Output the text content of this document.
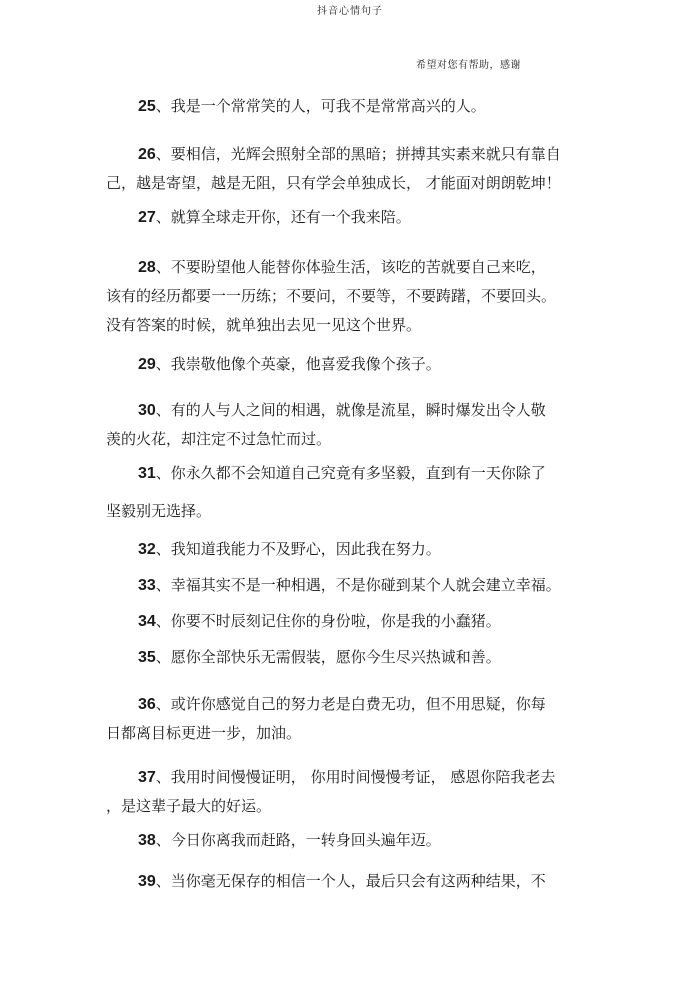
抖音心情句子
希望对您有帮助，感谢
25、我是一个常常笑的人，可我不是常常高兴的人。
26、要相信，光辉会照射全部的黑暗；拼搏其实素来就只有靠自
己，越是寄望，越是无阻，只有学会单独成长， 才能面对朗朗乾坤！
27、就算全球走开你，还有一个我来陪。
28、不要盼望他人能替你体验生活，该吃的苦就要自己来吃，
该有的经历都要一一历练；不要问，不要等，不要踌躇，不要回头。
没有答案的时候，就单独出去见一见这个世界。
29、我崇敬他像个英豪，他喜爱我像个孩子。
30、有的人与人之间的相遇，就像是流星，瞬时爆发出令人敬
羡的火花，却注定不过急忙而过。
31、你永久都不会知道自己究竟有多坚毅，直到有一天你除了
坚毅别无选择。
32、我知道我能力不及野心，因此我在努力。
33、幸福其实不是一种相遇，不是你碰到某个人就会建立幸福。
34、你要不时辰刻记住你的身份啦，你是我的小蠢猪。
35、愿你全部快乐无需假装，愿你今生尽兴热诚和善。
36、或许你感觉自己的努力老是白费无功，但不用思疑，你每
日都离目标更进一步，加油。
37、我用时间慢慢证明， 你用时间慢慢考证， 感恩你陪我老去
，是这辈子最大的好运。
38、今日你离我而赶路，一转身回头遍年迈。
39、当你毫无保存的相信一个人，最后只会有这两种结果，不
